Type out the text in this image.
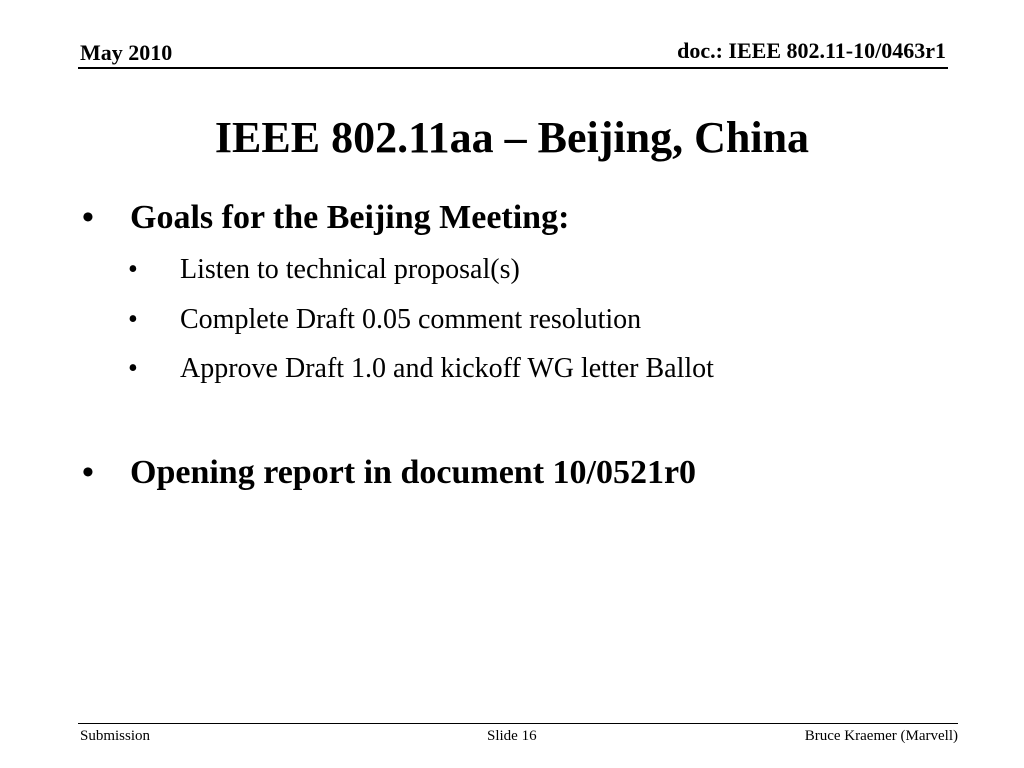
May 2010	doc.: IEEE 802.11-10/0463r1
IEEE 802.11aa – Beijing, China
• Goals for the Beijing Meeting:
• Listen to technical proposal(s)
• Complete Draft 0.05 comment resolution
• Approve Draft 1.0 and kickoff WG letter Ballot
• Opening report in document 10/0521r0
Submission	Slide 16	Bruce Kraemer (Marvell)
